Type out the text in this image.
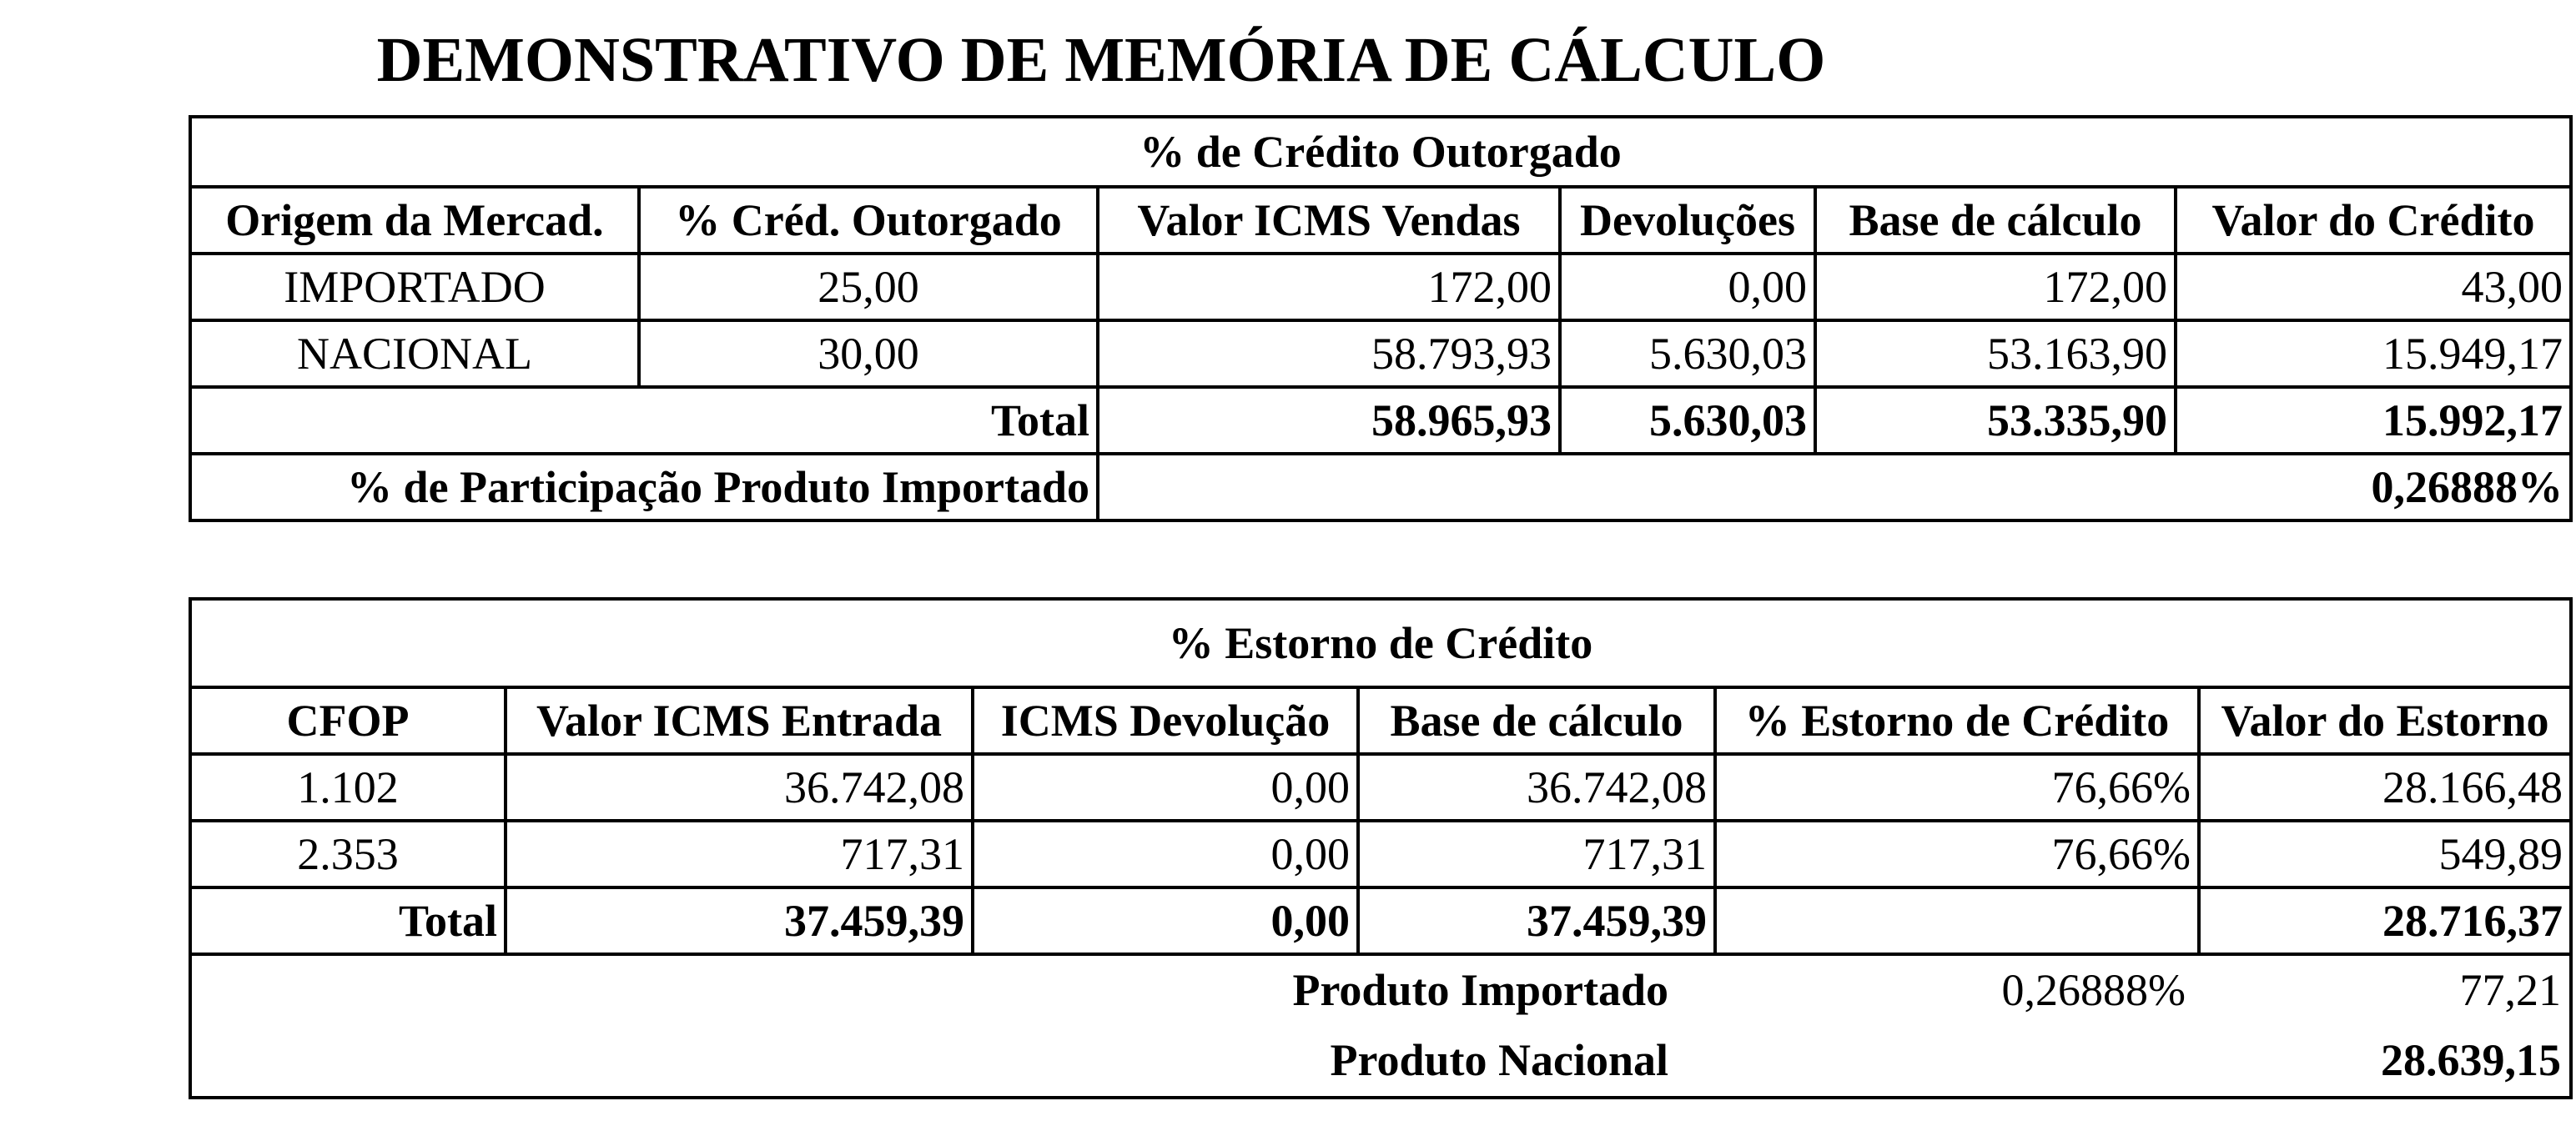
DEMONSTRATIVO DE MEMÓRIA DE CÁLCULO
% de Crédito Outorgado					
Origem da Mercad.	% Créd. Outorgado	Valor ICMS Vendas	Devoluções	Base de cálculo	Valor do Crédito
IMPORTADO	25,00	172,00	0,00	172,00	43,00
NACIONAL	30,00	58.793,93	5.630,03	53.163,90	15.949,17
Total		58.965,93	5.630,03	53.335,90	15.992,17
% de Participação Produto Importado		0,26888%			
% Estorno de Crédito					
CFOP	Valor ICMS Entrada	ICMS Devolução	Base de cálculo	% Estorno de Crédito	Valor do Estorno
1.102	36.742,08	0,00	36.742,08	76,66%	28.166,48
2.353	717,31	0,00	717,31	76,66%	549,89
Total	37.459,39	0,00	37.459,39		28.716,37

Produto Importado 0,26888% 77,21
Produto Nacional 28.639,15					
